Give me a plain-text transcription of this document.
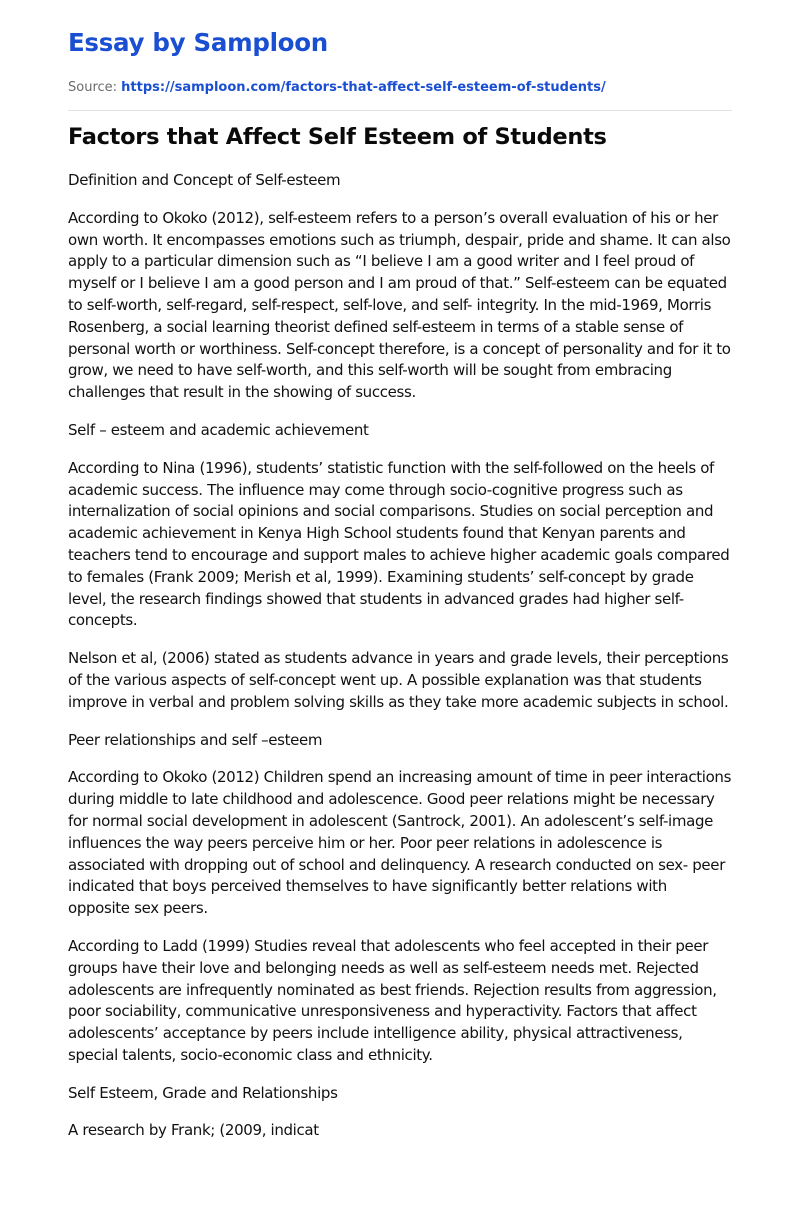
Essay by Samploon
Source: https://samploon.com/factors-that-affect-self-esteem-of-students/
Factors that Affect Self Esteem of Students
Definition and Concept of Self-esteem

According to Okoko (2012), self-esteem refers to a person’s overall evaluation of his or her own worth. It encompasses emotions such as triumph, despair, pride and shame. It can also apply to a particular dimension such as “I believe I am a good writer and I feel proud of myself or I believe I am a good person and I am proud of that.” Self-esteem can be equated to self-worth, self-regard, self-respect, self-love, and self- integrity. In the mid-1969, Morris Rosenberg, a social learning theorist defined self-esteem in terms of a stable sense of personal worth or worthiness. Self-concept therefore, is a concept of personality and for it to grow, we need to have self-worth, and this self-worth will be sought from embracing challenges that result in the showing of success.

Self – esteem and academic achievement

According to Nina (1996), students’ statistic function with the self-followed on the heels of academic success. The influence may come through socio-cognitive progress such as internalization of social opinions and social comparisons. Studies on social perception and academic achievement in Kenya High School students found that Kenyan parents and teachers tend to encourage and support males to achieve higher academic goals compared to females (Frank 2009; Merish et al, 1999). Examining students’ self-concept by grade level, the research findings showed that students in advanced grades had higher self-concepts.

Nelson et al, (2006) stated as students advance in years and grade levels, their perceptions of the various aspects of self-concept went up. A possible explanation was that students improve in verbal and problem solving skills as they take more academic subjects in school.

Peer relationships and self –esteem

According to Okoko (2012) Children spend an increasing amount of time in peer interactions during middle to late childhood and adolescence. Good peer relations might be necessary for normal social development in adolescent (Santrock, 2001). An adolescent’s self-image influences the way peers perceive him or her. Poor peer relations in adolescence is associated with dropping out of school and delinquency. A research conducted on sex- peer indicated that boys perceived themselves to have significantly better relations with opposite sex peers.

According to Ladd (1999) Studies reveal that adolescents who feel accepted in their peer groups have their love and belonging needs as well as self-esteem needs met. Rejected adolescents are infrequently nominated as best friends. Rejection results from aggression, poor sociability, communicative unresponsiveness and hyperactivity. Factors that affect adolescents’ acceptance by peers include intelligence ability, physical attractiveness, special talents, socio-economic class and ethnicity.

Self Esteem, Grade and Relationships

A research by Frank; (2009, indicat
